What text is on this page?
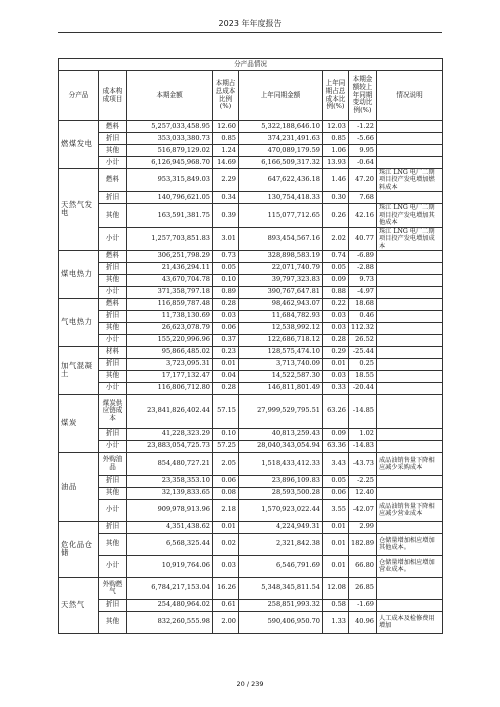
2023 年年度报告
分产品情况							
分产品	成本构成项目	本期金额	本期占总成本比例(%)	上年同期金额	上年同期占总成本比例(%)	本期金额较上年同期变动比例(%)	情况说明
燃煤发电	燃料	5,257,033,458.95	12.60	5,322,188,646.10	12.03	-1.22	
	折旧	353,033,380.73	0.85	374,231,491.63	0.85	-5.66	
	其他	516,879,129.02	1.24	470,089,179.59	1.06	9.95	
	小计	6,126,945,968.70	14.69	6,166,509,317.32	13.93	-0.64	
天然气发电	燃料	953,315,849.03	2.29	647,622,436.18	1.46	47.20	珠江 LNG 电厂二期项目投产发电增加燃料成本
	折旧	140,796,621.05	0.34	130,754,418.33	0.30	7.68	
	其他	163,591,381.75	0.39	115,077,712.65	0.26	42.16	珠江 LNG 电厂二期项目投产发电增加其他成本
	小计	1,257,703,851.83	3.01	893,454,567.16	2.02	40.77	珠江 LNG 电厂二期项目投产发电增加成本
煤电热力	燃料	306,251,798.29	0.73	328,898,583.19	0.74	-6.89	
	折旧	21,436,294.11	0.05	22,071,740.79	0.05	-2.88	
	其他	43,670,704.78	0.10	39,797,323.83	0.09	9.73	
	小计	371,358,797.18	0.89	390,767,647.81	0.88	-4.97	
气电热力	燃料	116,859,787.48	0.28	98,462,943.07	0.22	18.68	
	折旧	11,738,130.69	0.03	11,684,782.93	0.03	0.46	
	其他	26,623,078.79	0.06	12,538,992.12	0.03	112.32	
	小计	155,220,996.96	0.37	122,686,718.12	0.28	26.52	
加气混凝土	材料	95,866,485.02	0.23	128,575,474.10	0.29	-25.44	
	折旧	3,723,095.31	0.01	3,713,740.09	0.01	0.25	
	其他	17,177,132.47	0.04	14,522,587.30	0.03	18.55	
	小计	116,806,712.80	0.28	146,811,801.49	0.33	-20.44	
煤炭	煤炭供应链成本	23,841,826,402.44	57.15	27,999,529,795.51	63.26	-14.85	
	折旧	41,228,323.29	0.10	40,813,259.43	0.09	1.02	
	小计	23,883,054,725.73	57.25	28,040,343,054.94	63.36	-14.83	
油品	外购油品	854,480,727.21	2.05	1,518,433,412.33	3.43	-43.73	成品油销售量下降相应减少采购成本
	折旧	23,358,353.10	0.06	23,896,109.83	0.05	-2.25	
	其他	32,139,833.65	0.08	28,593,500.28	0.06	12.40	
	小计	909,978,913.96	2.18	1,570,923,022.44	3.55	-42.07	成品油销售量下降相应减少营业成本
危化品仓储	折旧	4,351,438.62	0.01	4,224,949.31	0.01	2.99	
	其他	6,568,325.44	0.02	2,321,842.38	0.01	182.89	仓储量增加相应增加其他成本。
	小计	10,919,764.06	0.03	6,546,791.69	0.01	66.80	仓储量增加相应增加营业成本。
天然气	外购燃气	6,784,217,153.04	16.26	5,348,345,811.54	12.08	26.85	
	折旧	254,480,964.02	0.61	258,851,993.32	0.58	-1.69	
	其他	832,260,555.98	2.00	590,406,950.70	1.33	40.96	人工成本及检修费用增加
20 / 239
